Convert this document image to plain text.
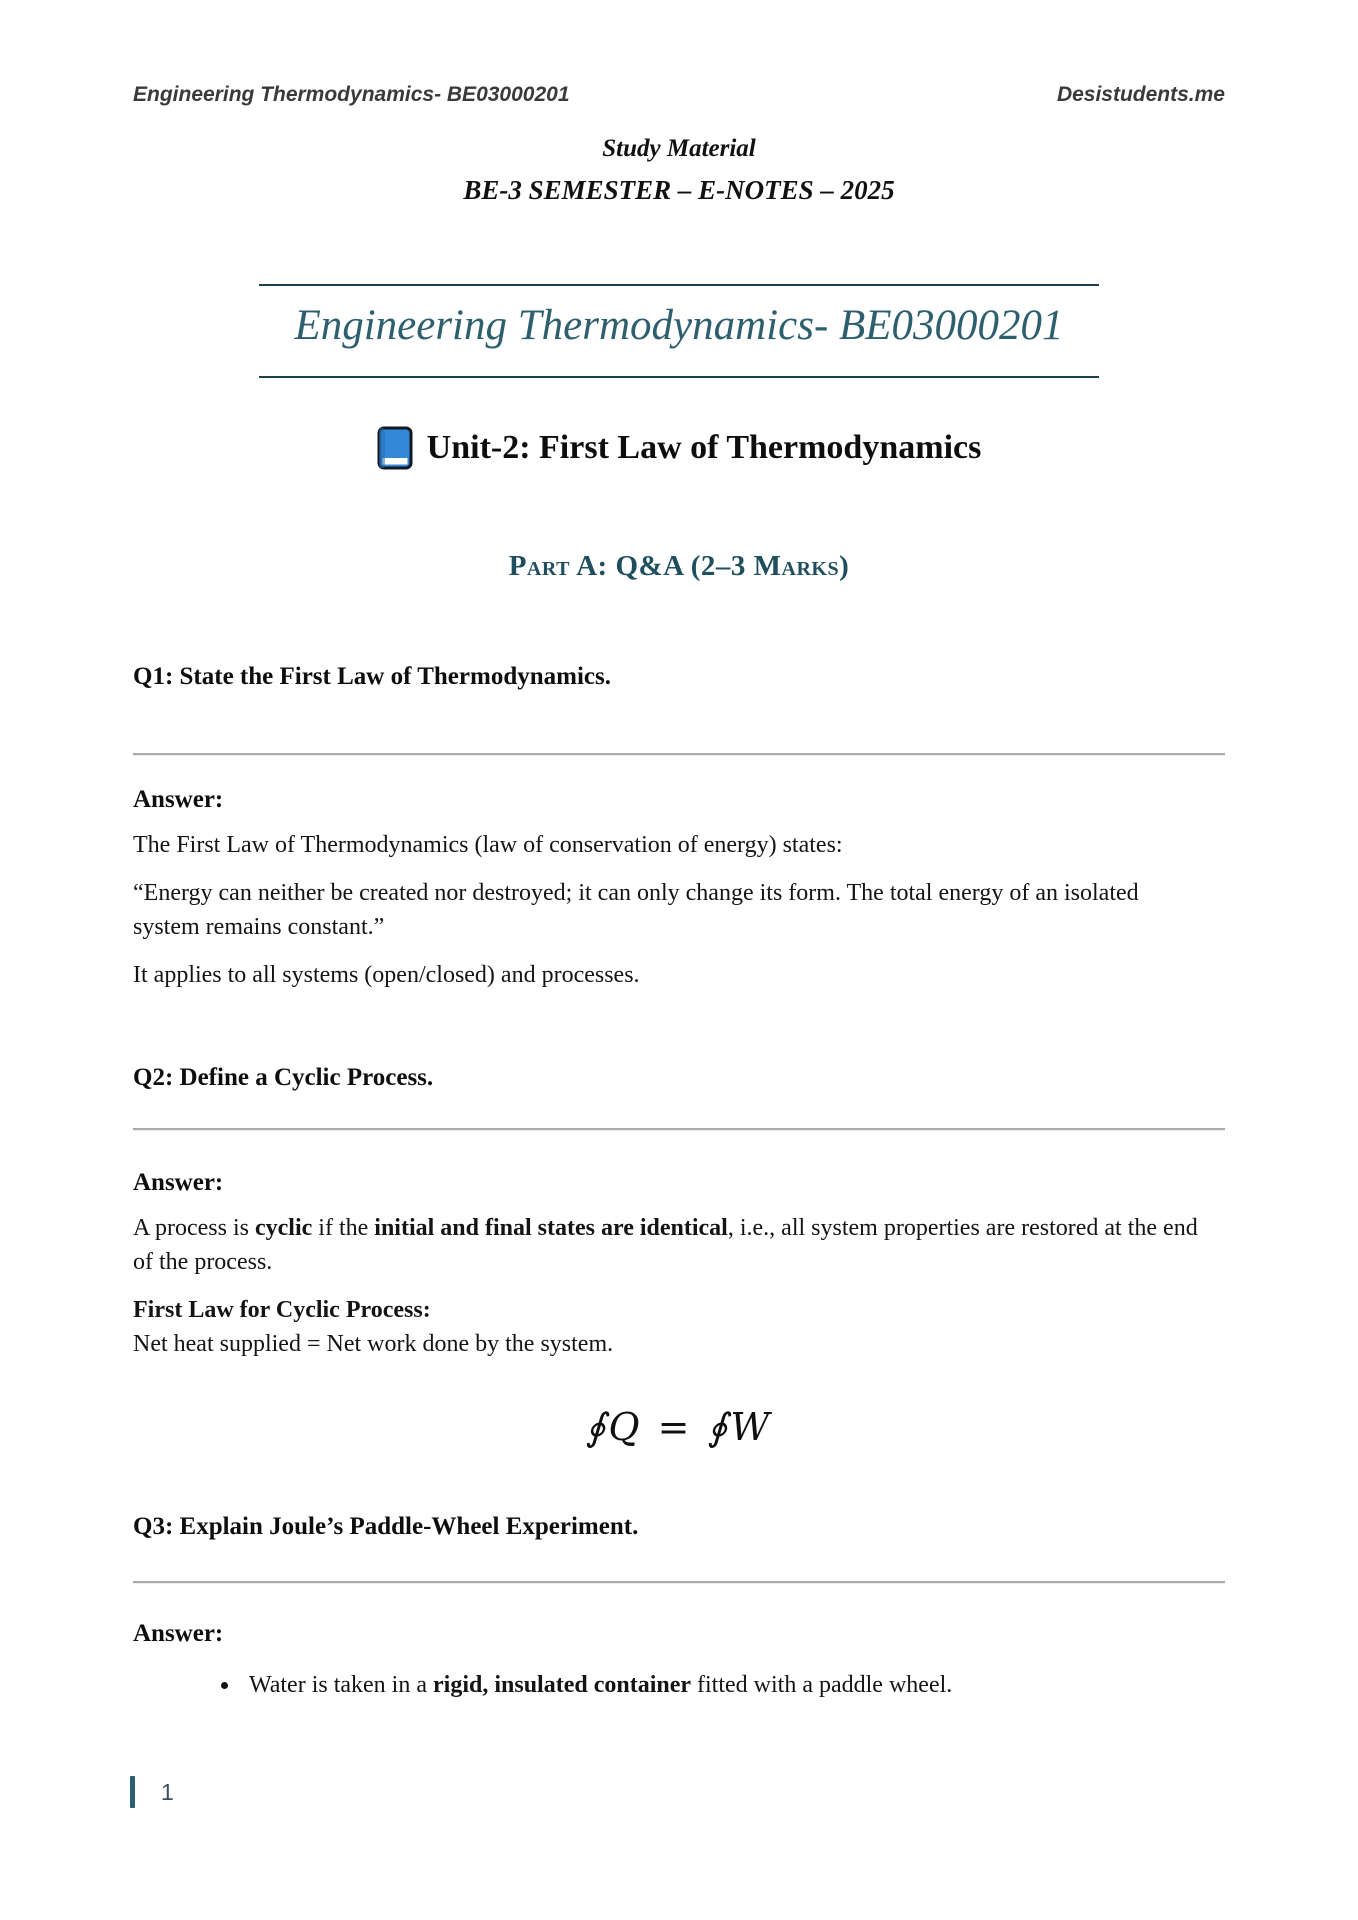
Engineering Thermodynamics- BE03000201	Desistudents.me
Study Material
BE-3 SEMESTER – E-NOTES – 2025
Engineering Thermodynamics- BE03000201
Unit-2: First Law of Thermodynamics
Part A: Q&A (2–3 Marks)
Q1: State the First Law of Thermodynamics.

Answer:

The First Law of Thermodynamics (law of conservation of energy) states:

“Energy can neither be created nor destroyed; it can only change its form. The total energy of an isolated system remains constant.”

It applies to all systems (open/closed) and processes.

Q2: Define a Cyclic Process.

Answer:

A process is cyclic if the initial and final states are identical, i.e., all system properties are restored at the end of the process.

First Law for Cyclic Process:
Net heat supplied = Net work done by the system.

∮Q = ∮W
Q3: Explain Joule’s Paddle-Wheel Experiment.

Answer:

• Water is taken in a rigid, insulated container fitted with a paddle wheel.
1
